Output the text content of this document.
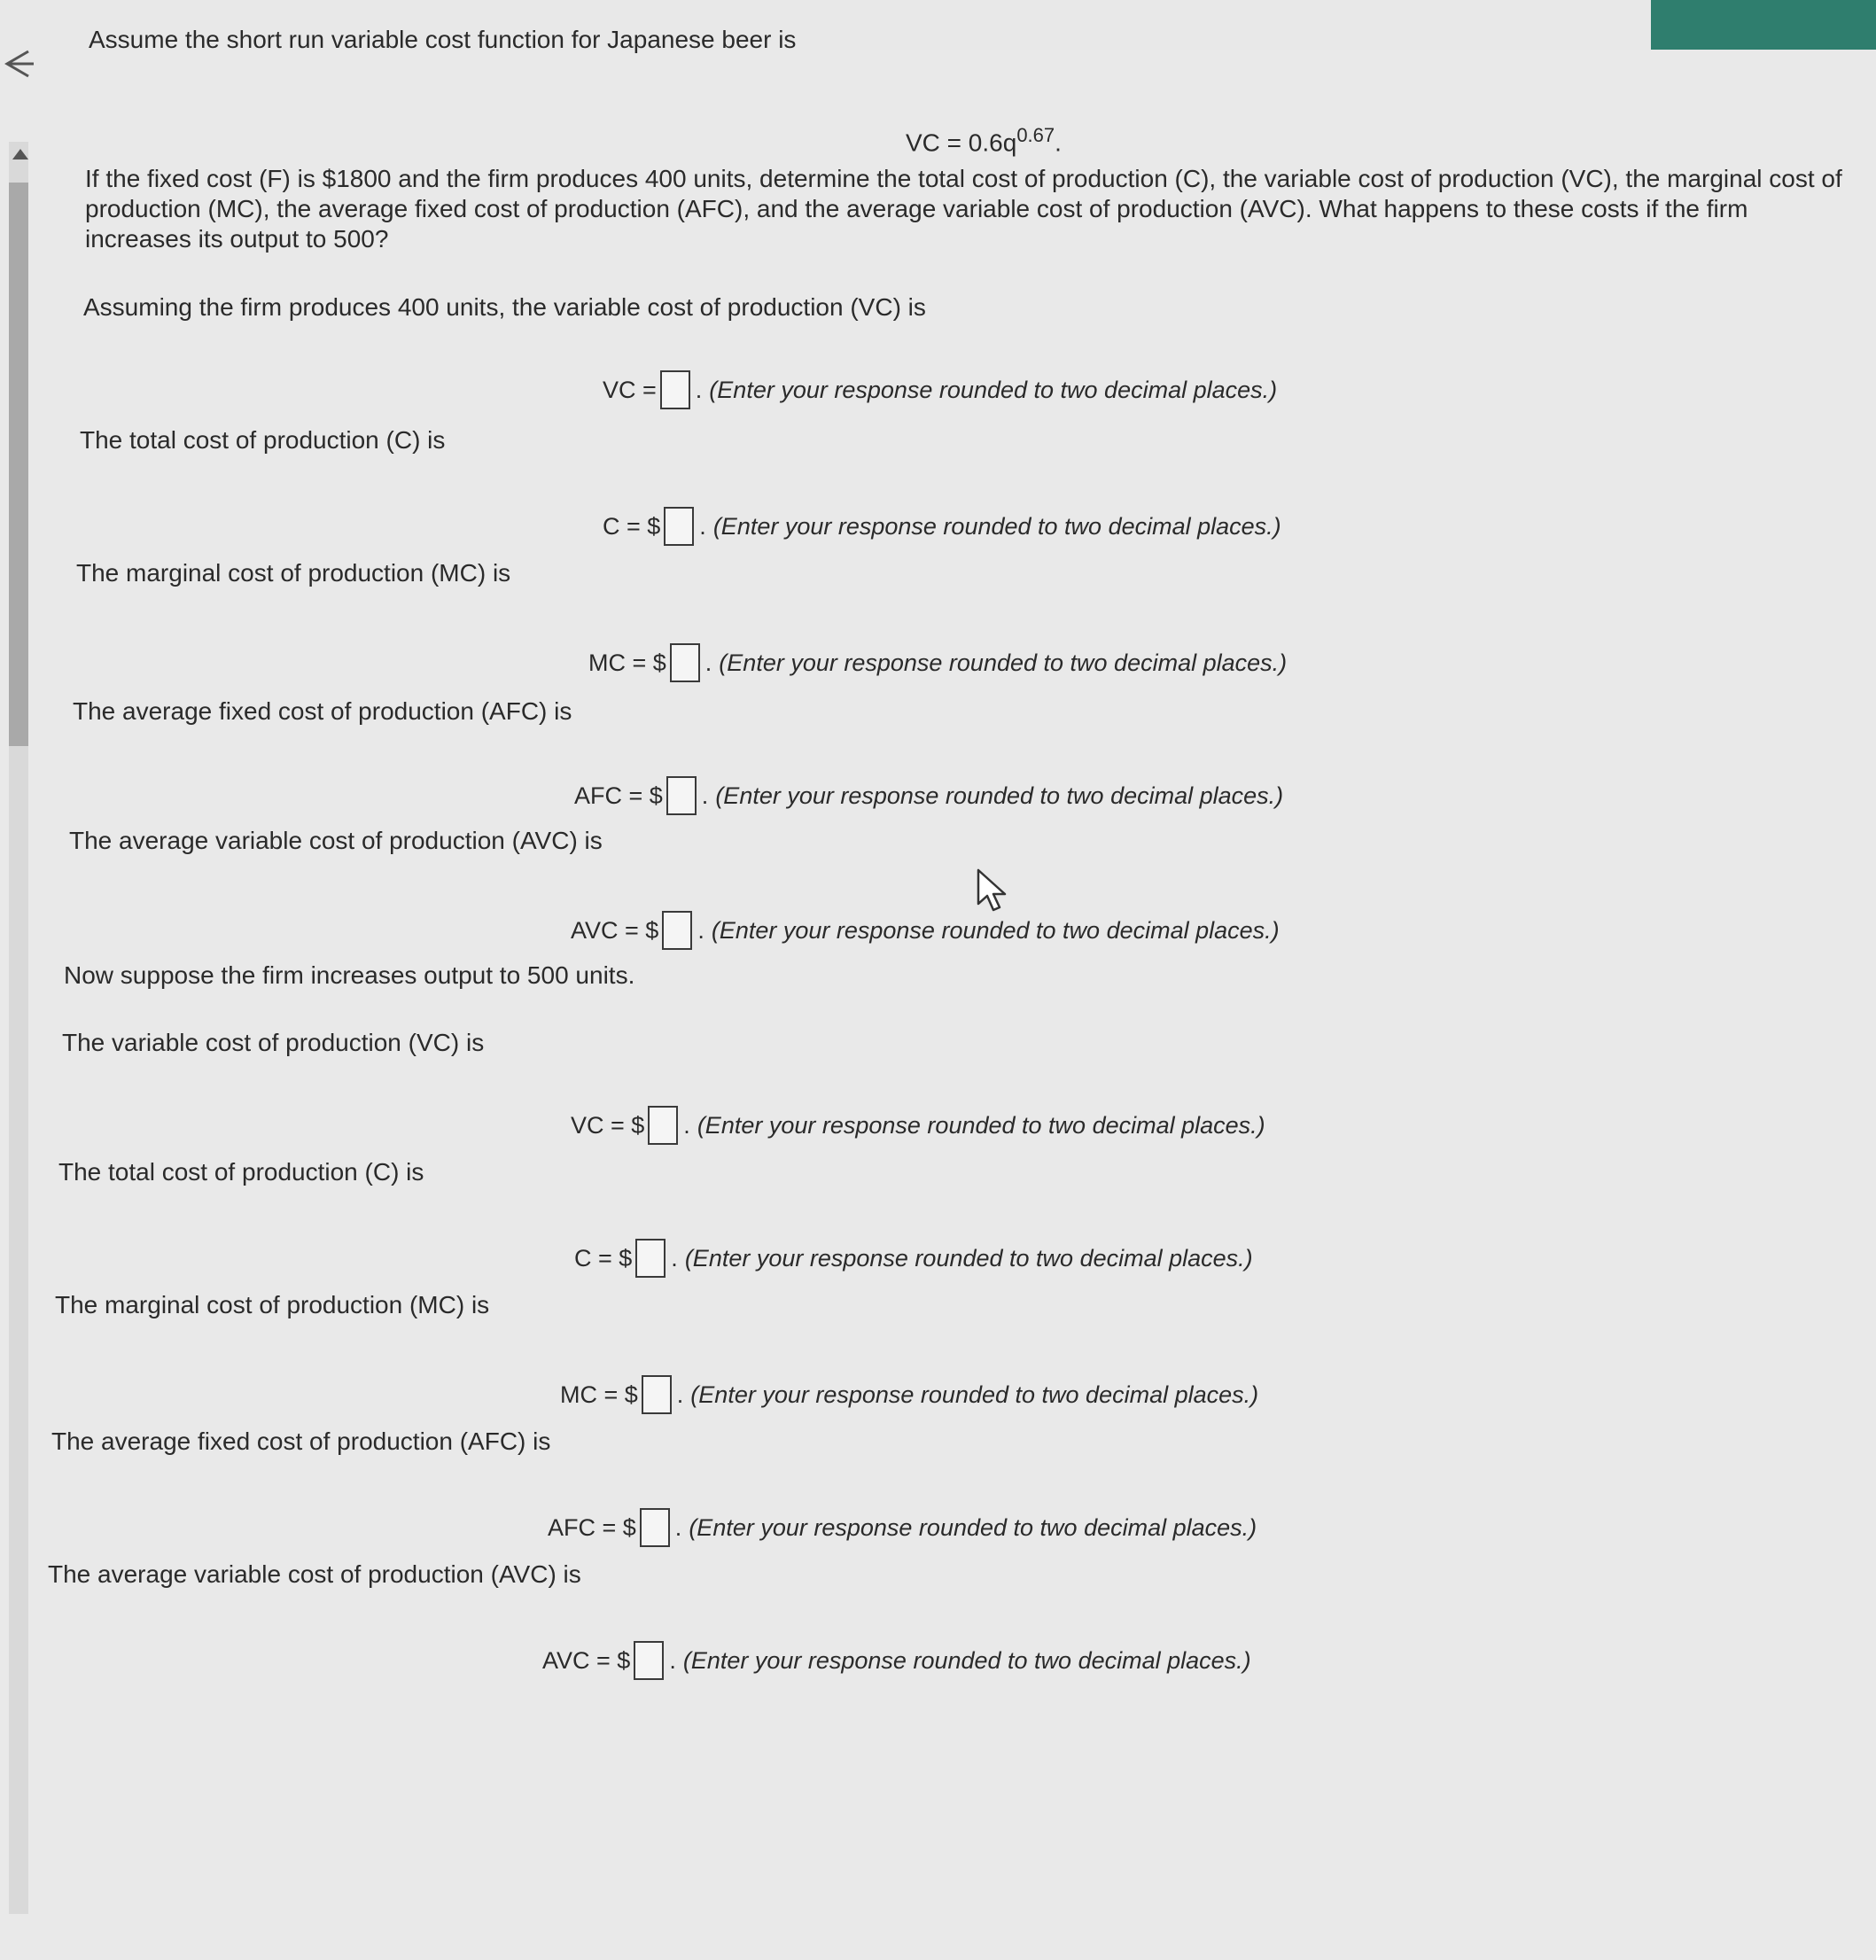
Assume the short run variable cost function for Japanese beer is
VC = $0.6q^{0.67}$.
If the fixed cost (F) is $1800 and the firm produces 400 units, determine the total cost of production (C), the variable cost of production (VC), the marginal cost of production (MC), the average fixed cost of production (AFC), and the average variable cost of production (AVC). What happens to these costs if the firm increases its output to 500?
Assuming the firm produces 400 units, the variable cost of production (VC) is
VC = . (Enter your response rounded to two decimal places.)
The total cost of production (C) is
C = $ . (Enter your response rounded to two decimal places.)
The marginal cost of production (MC) is
MC = $ . (Enter your response rounded to two decimal places.)
The average fixed cost of production (AFC) is
AFC = $ . (Enter your response rounded to two decimal places.)
The average variable cost of production (AVC) is
AVC = $ . (Enter your response rounded to two decimal places.)
Now suppose the firm increases output to 500 units.
The variable cost of production (VC) is
VC = $ . (Enter your response rounded to two decimal places.)
The total cost of production (C) is
C = $ . (Enter your response rounded to two decimal places.)
The marginal cost of production (MC) is
MC = $ . (Enter your response rounded to two decimal places.)
The average fixed cost of production (AFC) is
AFC = $ . (Enter your response rounded to two decimal places.)
The average variable cost of production (AVC) is
AVC = $ . (Enter your response rounded to two decimal places.)
